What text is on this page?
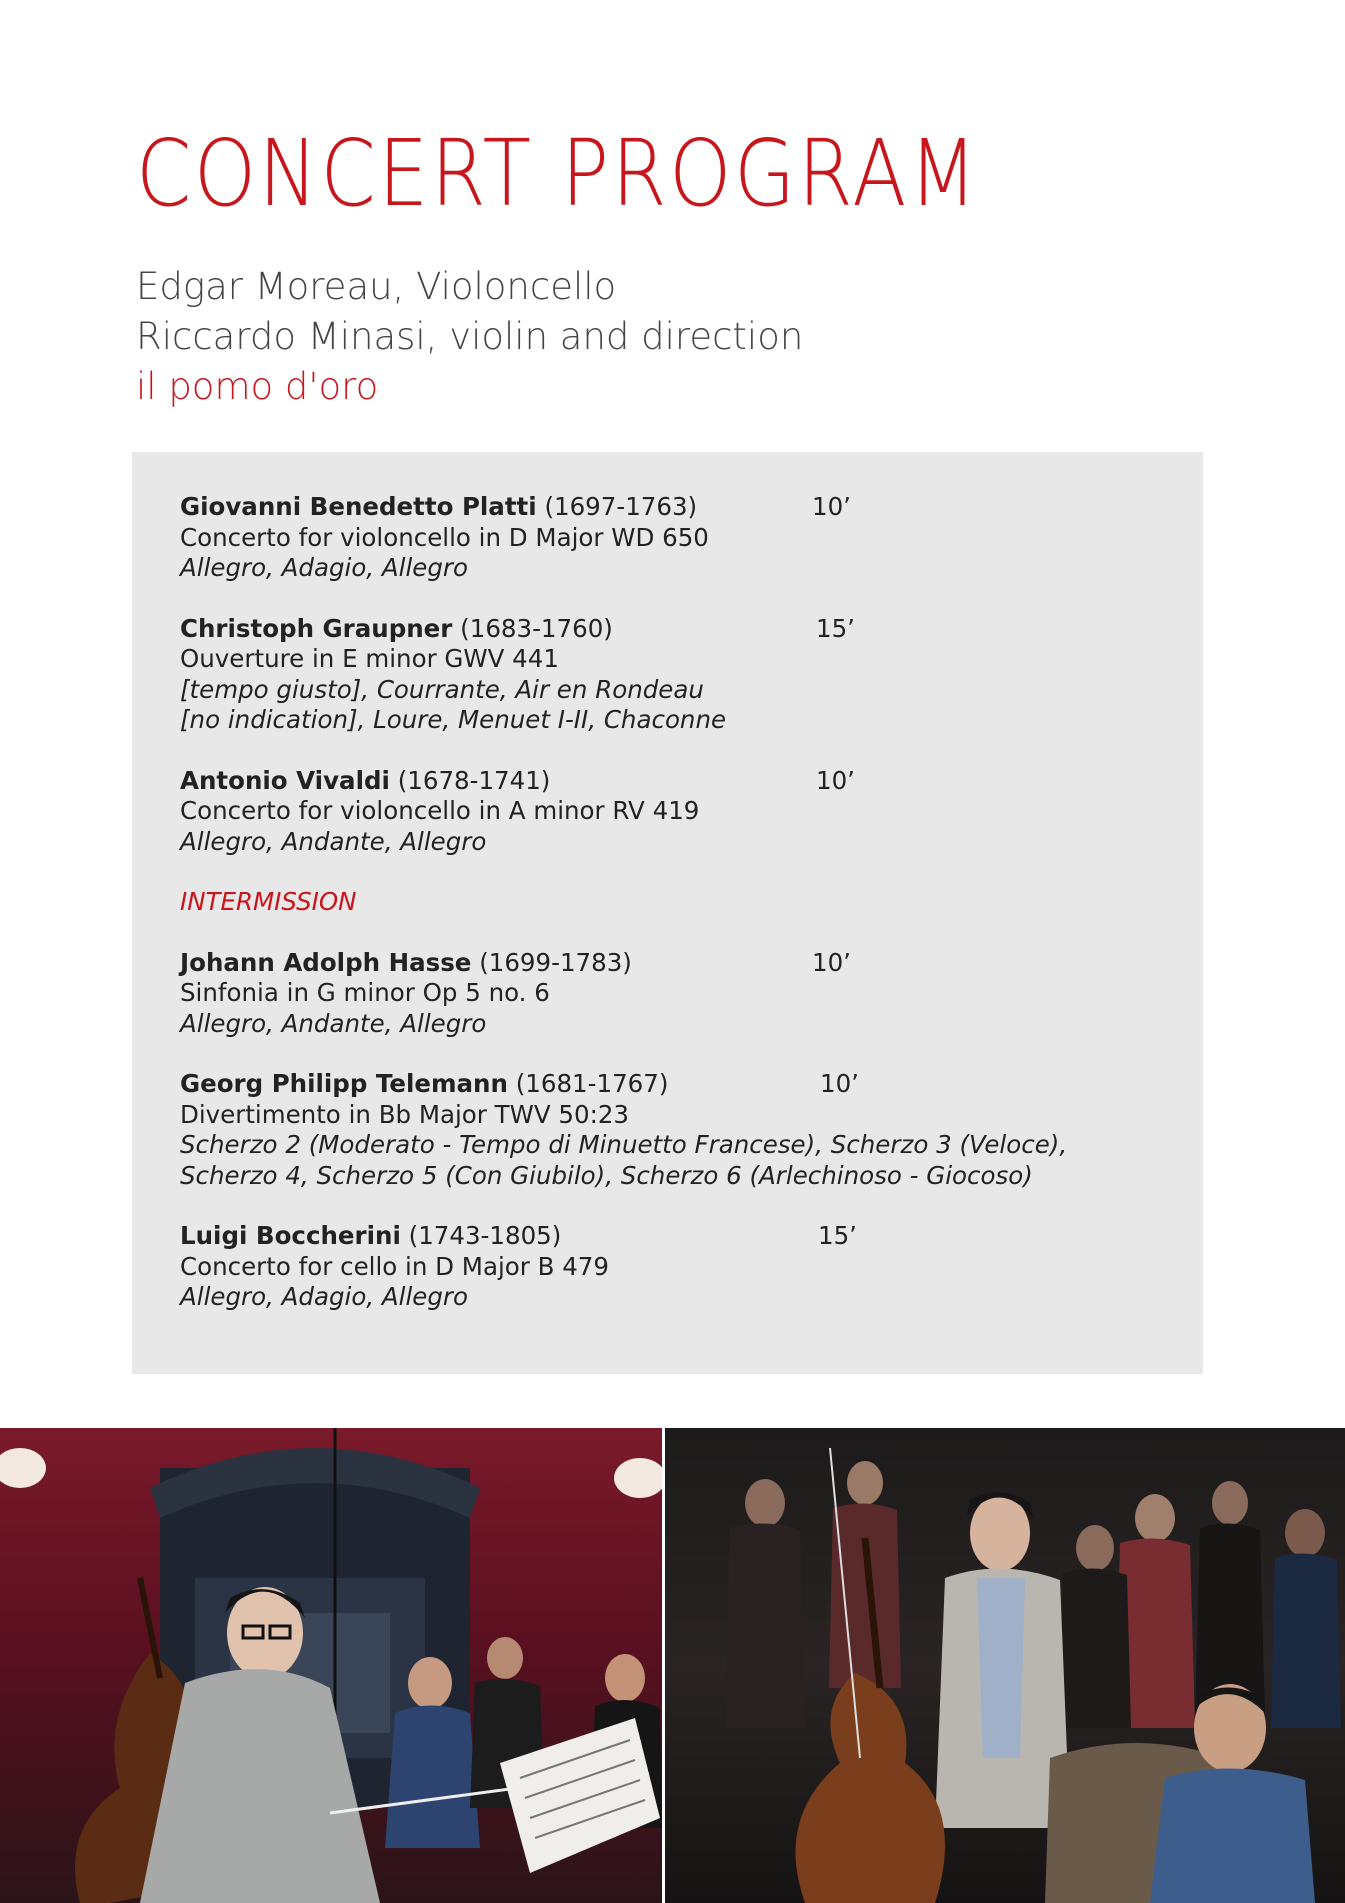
CONCERT PROGRAM
Edgar Moreau, Violoncello
Riccardo Minasi, violin and direction
il pomo d'oro
Giovanni Benedetto Platti (1697-1763)	10’
Concerto for violoncello in D Major WD 650
Allegro, Adagio, Allegro
Christoph Graupner (1683-1760)	15’
Ouverture in E minor GWV 441
[tempo giusto], Courrante, Air en Rondeau
[no indication], Loure, Menuet I-II, Chaconne
Antonio Vivaldi (1678-1741)	10’
Concerto for violoncello in A minor RV 419
Allegro, Andante, Allegro
INTERMISSION
Johann Adolph Hasse (1699-1783)	10’
Sinfonia in G minor Op 5 no. 6
Allegro, Andante, Allegro
Georg Philipp Telemann (1681-1767)	10’
Divertimento in Bb Major TWV 50:23
Scherzo 2 (Moderato - Tempo di Minuetto Francese), Scherzo 3 (Veloce),
Scherzo 4, Scherzo 5 (Con Giubilo), Scherzo 6 (Arlechinoso - Giocoso)
Luigi Boccherini (1743-1805)	15’
Concerto for cello in D Major B 479
Allegro, Adagio, Allegro
